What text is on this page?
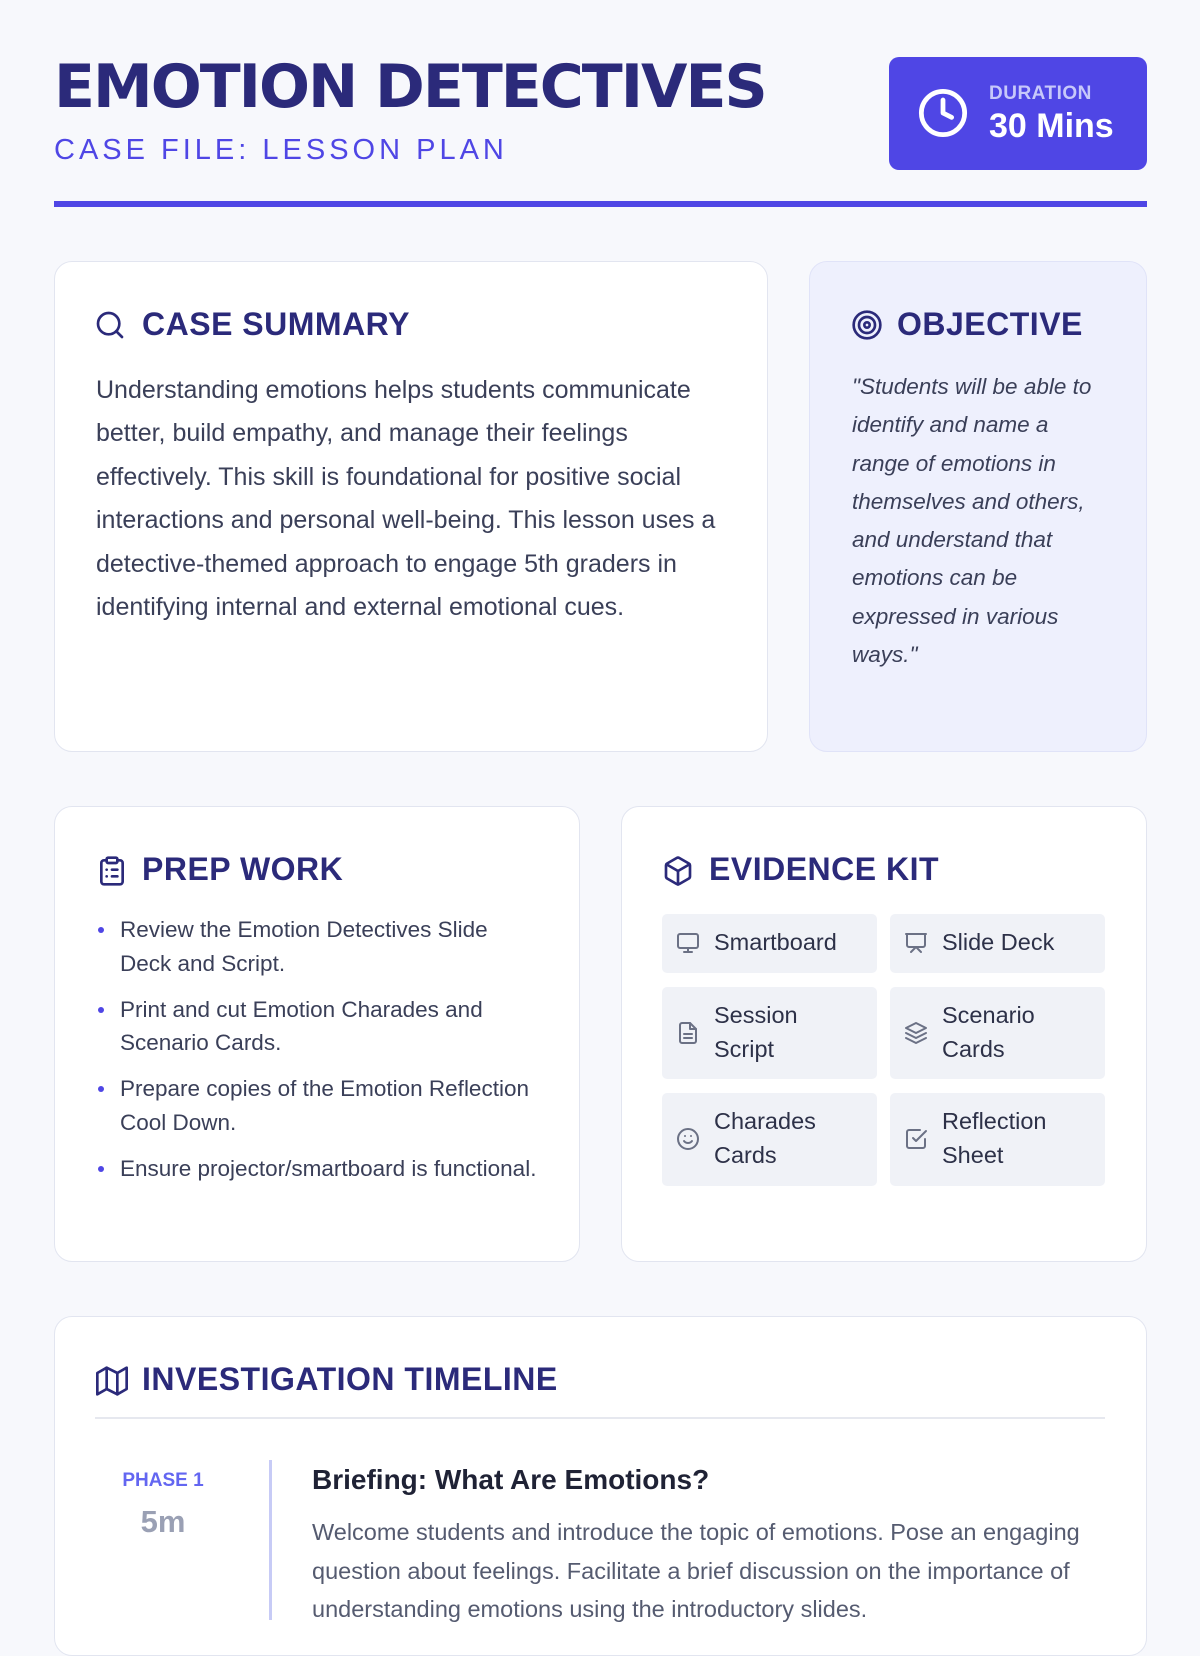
EMOTION DETECTIVES
CASE FILE: LESSON PLAN
DURATION
30 Mins
CASE SUMMARY
Understanding emotions helps students communicate better, build empathy, and manage their feelings effectively. This skill is foundational for positive social interactions and personal well-being. This lesson uses a detective-themed approach to engage 5th graders in identifying internal and external emotional cues.
OBJECTIVE
"Students will be able to identify and name a range of emotions in themselves and others, and understand that emotions can be expressed in various ways."
PREP WORK
Review the Emotion Detectives Slide Deck and Script.
Print and cut Emotion Charades and Scenario Cards.
Prepare copies of the Emotion Reflection Cool Down.
Ensure projector/smartboard is functional.
EVIDENCE KIT
Smartboard	Slide Deck
Session Script
Scenario Cards
Charades Cards
Reflection Sheet
INVESTIGATION TIMELINE
PHASE 1
5m
Briefing: What Are Emotions?
Welcome students and introduce the topic of emotions. Pose an engaging question about feelings. Facilitate a brief discussion on the importance of understanding emotions using the introductory slides.
